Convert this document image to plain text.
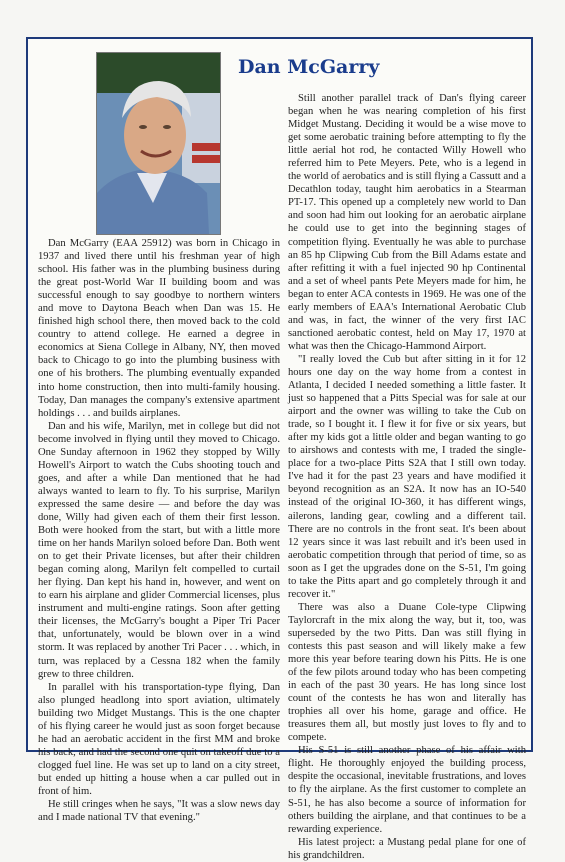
Dan McGarry

Dan McGarry (EAA 25912) was born in Chicago in 1937 and lived there until his freshman year of high school. His father was in the plumbing business during the great post-World War II building boom and was successful enough to say goodbye to northern winters and move to Daytona Beach when Dan was 15. He finished high school there, then moved back to the cold country to attend college. He earned a degree in economics at Siena College in Albany, NY, then moved back to Chicago to go into the plumbing business with one of his brothers. The plumbing eventually expanded into home construction, then into multi-family housing. Today, Dan manages the company's extensive apartment holdings . . . and builds airplanes.

Dan and his wife, Marilyn, met in college but did not become involved in flying until they moved to Chicago. One Sunday afternoon in 1962 they stopped by Willy Howell's Airport to watch the Cubs shooting touch and goes, and after a while Dan mentioned that he had always wanted to learn to fly. To his surprise, Marilyn expressed the same desire — and before the day was done, Willy had given each of them their first lesson. Both were hooked from the start, but with a little more time on her hands Marilyn soloed before Dan. Both went on to get their Private licenses, but after their children began coming along, Marilyn felt compelled to curtail her flying. Dan kept his hand in, however, and went on to earn his airplane and glider Commercial licenses, plus instrument and multi-engine ratings. Soon after getting their licenses, the McGarry's bought a Piper Tri Pacer that, unfortunately, would be blown over in a wind storm. It was replaced by another Tri Pacer . . . which, in turn, was replaced by a Cessna 182 when the family grew to three children.

In parallel with his transportation-type flying, Dan also plunged headlong into sport aviation, ultimately building two Midget Mustangs. This is the one chapter of his flying career he would just as soon forget because he had an aerobatic accident in the first MM and broke his back, and had the second one quit on takeoff due to a clogged fuel line. He was set up to land on a city street, but ended up hitting a house when a car pulled out in front of him.

He still cringes when he says, "It was a slow news day and I made national TV that evening."

Still another parallel track of Dan's flying career began when he was nearing completion of his first Midget Mustang. Deciding it would be a wise move to get some aerobatic training before attempting to fly the little aerial hot rod, he contacted Willy Howell who referred him to Pete Meyers. Pete, who is a legend in the world of aerobatics and is still flying a Cassutt and a Decathlon today, taught him aerobatics in a Stearman PT-17. This opened up a completely new world to Dan and soon had him out looking for an aerobatic airplane he could use to get into the beginning stages of competition flying. Eventually he was able to purchase an 85 hp Clipwing Cub from the Bill Adams estate and after refitting it with a fuel injected 90 hp Continental and a set of wheel pants Pete Meyers made for him, he began to enter ACA contests in 1969. He was one of the early members of EAA's International Aerobatic Club and was, in fact, the winner of the very first IAC sanctioned aerobatic contest, held on May 17, 1970 at what was then the Chicago-Hammond Airport.

"I really loved the Cub but after sitting in it for 12 hours one day on the way home from a contest in Atlanta, I decided I needed something a little faster. It just so happened that a Pitts Special was for sale at our airport and the owner was willing to take the Cub on trade, so I bought it. I flew it for five or six years, but after my kids got a little older and began wanting to go to airshows and contests with me, I traded the single-place for a two-place Pitts S2A that I still own today. I've had it for the past 23 years and have modified it beyond recognition as an S2A. It now has an IO-540 instead of the original IO-360, it has different wings, ailerons, landing gear, cowling and a different tail. There are no controls in the front seat. It's been about 12 years since it was last rebuilt and it's been used in aerobatic competition through that period of time, so as soon as I get the upgrades done on the S-51, I'm going to take the Pitts apart and go completely through it and recover it."

There was also a Duane Cole-type Clipwing Taylorcraft in the mix along the way, but it, too, was superseded by the two Pitts. Dan was still flying in contests this past season and will likely make a few more this year before tearing down his Pitts. He is one of the few pilots around today who has been competing in each of the past 30 years. He has long since lost count of the contests he has won and literally has trophies all over his home, garage and office. He treasures them all, but mostly just loves to fly and to compete.

His S-51 is still another phase of his affair with flight. He thoroughly enjoyed the building process, despite the occasional, inevitable frustrations, and loves to fly the airplane. As the first customer to complete an S-51, he has also become a source of information for others building the airplane, and that continues to be a rewarding experience.

His latest project: a Mustang pedal plane for one of his grandchildren.
